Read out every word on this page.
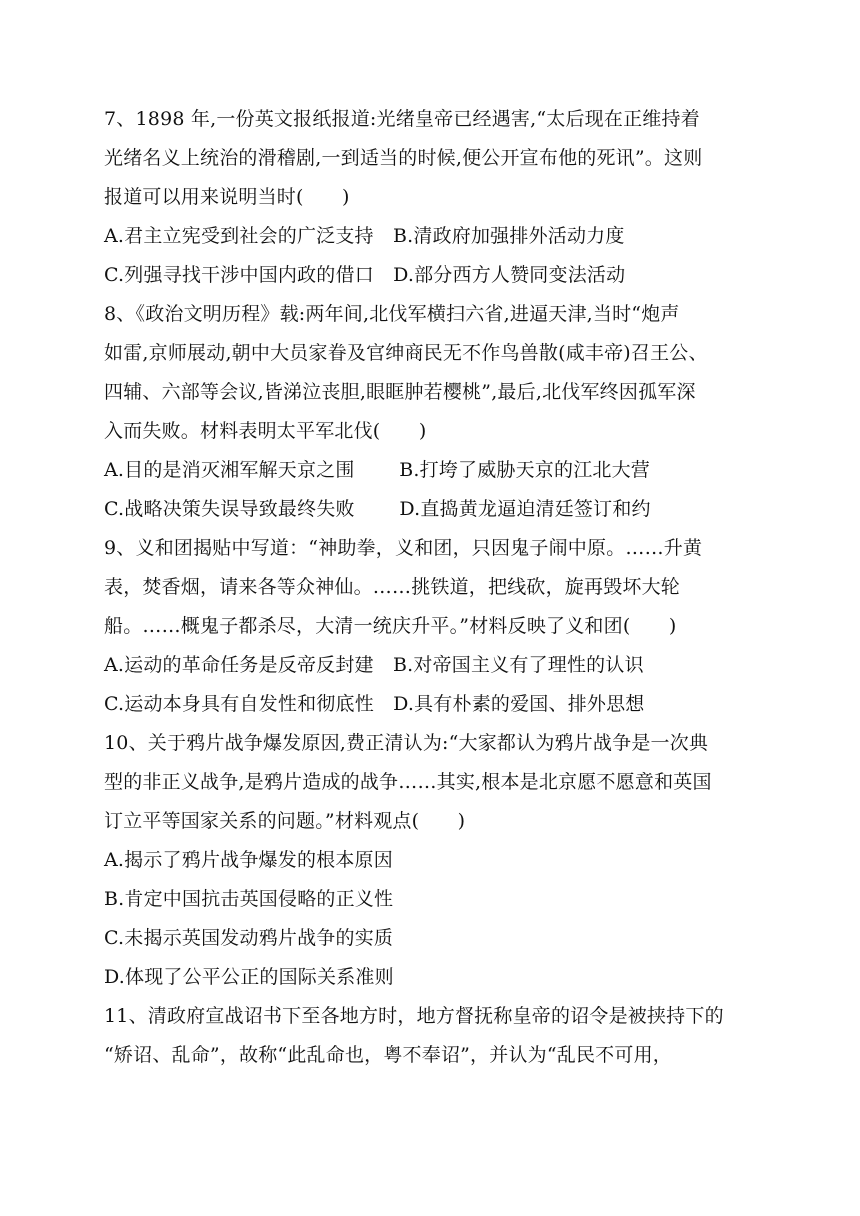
7、1898 年,一份英文报纸报道:光绪皇帝已经遇害,“太后现在正维持着
光绪名义上统治的滑稽剧,一到适当的时候,便公开宣布他的死讯”。这则
报道可以用来说明当时(　　)
A.君主立宪受到社会的广泛支持　B.清政府加强排外活动力度
C.列强寻找干涉中国内政的借口　D.部分西方人赞同变法活动
8、《政治文明历程》载:两年间,北伐军横扫六省,进逼天津,当时“炮声
如雷,京师展动,朝中大员家眷及官绅商民无不作鸟兽散(咸丰帝)召王公、
四辅、六部等会议,皆涕泣丧胆,眼眶肿若樱桃”,最后,北伐军终因孤军深
入而失败。材料表明太平军北伐(　　)
A.目的是消灭湘军解天京之围　　 B.打垮了威胁天京的江北大营
C.战略决策失误导致最终失败　　 D.直捣黄龙逼迫清廷签订和约
9、义和团揭贴中写道：“神助拳，义和团，只因鬼子闹中原。……升黄
表，焚香烟，请来各等众神仙。……挑铁道，把线砍，旋再毁坏大轮
船。……概鬼子都杀尽，大清一统庆升平。”材料反映了义和团(　　)
A.运动的革命任务是反帝反封建　B.对帝国主义有了理性的认识
C.运动本身具有自发性和彻底性　D.具有朴素的爱国、排外思想
10、关于鸦片战争爆发原因,费正清认为:“大家都认为鸦片战争是一次典
型的非正义战争,是鸦片造成的战争……其实,根本是北京愿不愿意和英国
订立平等国家关系的问题。”材料观点(　　)
A.揭示了鸦片战争爆发的根本原因
B.肯定中国抗击英国侵略的正义性
C.未揭示英国发动鸦片战争的实质
D.体现了公平公正的国际关系准则
11、清政府宣战诏书下至各地方时，地方督抚称皇帝的诏令是被挟持下的
“矫诏、乱命”，故称“此乱命也，粤不奉诏”，并认为“乱民不可用，
